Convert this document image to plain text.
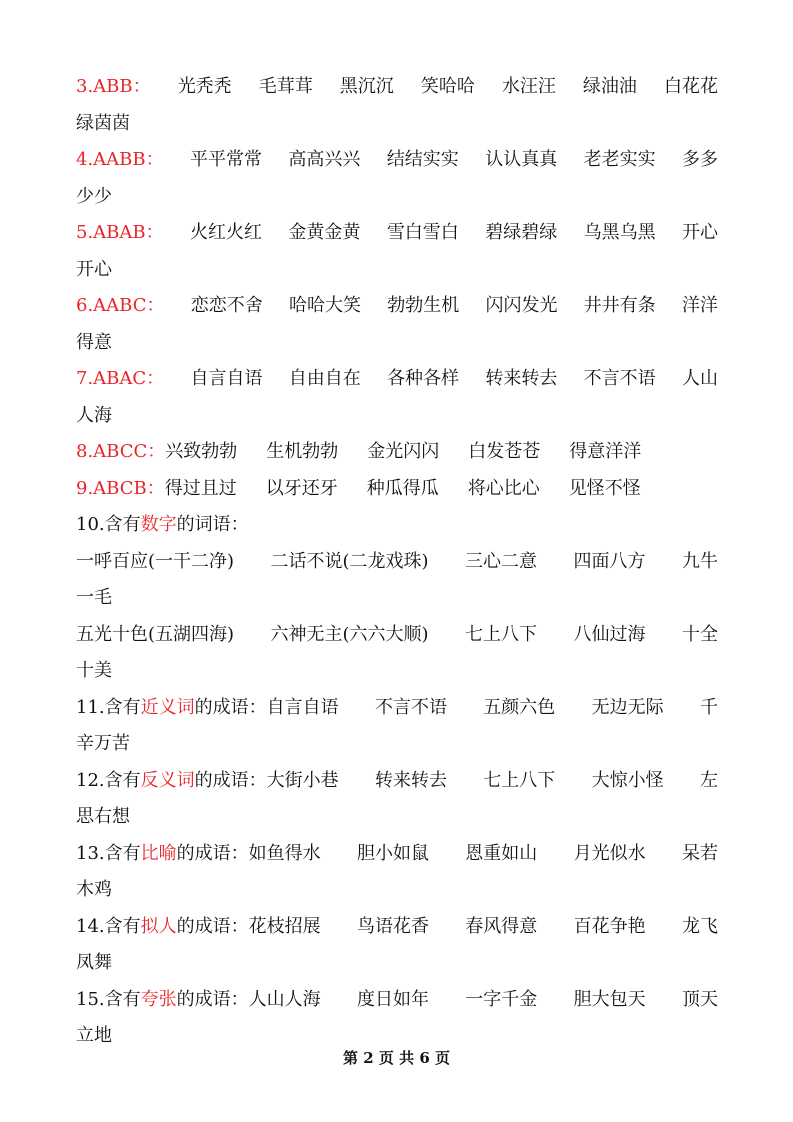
3.ABB： 光秃秃 毛茸茸 黑沉沉 笑哈哈 水汪汪 绿油油 白花花
绿茵茵
4.AABB： 平平常常 高高兴兴 结结实实 认认真真 老老实实 多多
少少
5.ABAB： 火红火红 金黄金黄 雪白雪白 碧绿碧绿 乌黑乌黑 开心
开心
6.AABC： 恋恋不舍 哈哈大笑 勃勃生机 闪闪发光 井井有条 洋洋
得意
7.ABAC： 自言自语 自由自在 各种各样 转来转去 不言不语 人山
人海
8.ABCC： 兴致勃勃 生机勃勃 金光闪闪 白发苍苍 得意洋洋
9.ABCB： 得过且过 以牙还牙 种瓜得瓜 将心比心 见怪不怪
10.含有数字的词语：
一呼百应(一干二净) 二话不说(二龙戏珠) 三心二意 四面八方 九牛
一毛
五光十色(五湖四海) 六神无主(六六大顺) 七上八下 八仙过海 十全
十美
11.含有近义词的成语：自言自语 不言不语 五颜六色 无边无际 千
辛万苦
12.含有反义词的成语：大街小巷 转来转去 七上八下 大惊小怪 左
思右想
13.含有比喻的成语：如鱼得水 胆小如鼠 恩重如山 月光似水 呆若
木鸡
14.含有拟人的成语：花枝招展 鸟语花香 春风得意 百花争艳 龙飞
凤舞
15.含有夸张的成语：人山人海 度日如年 一字千金 胆大包天 顶天
立地
第 2 页 共 6 页
